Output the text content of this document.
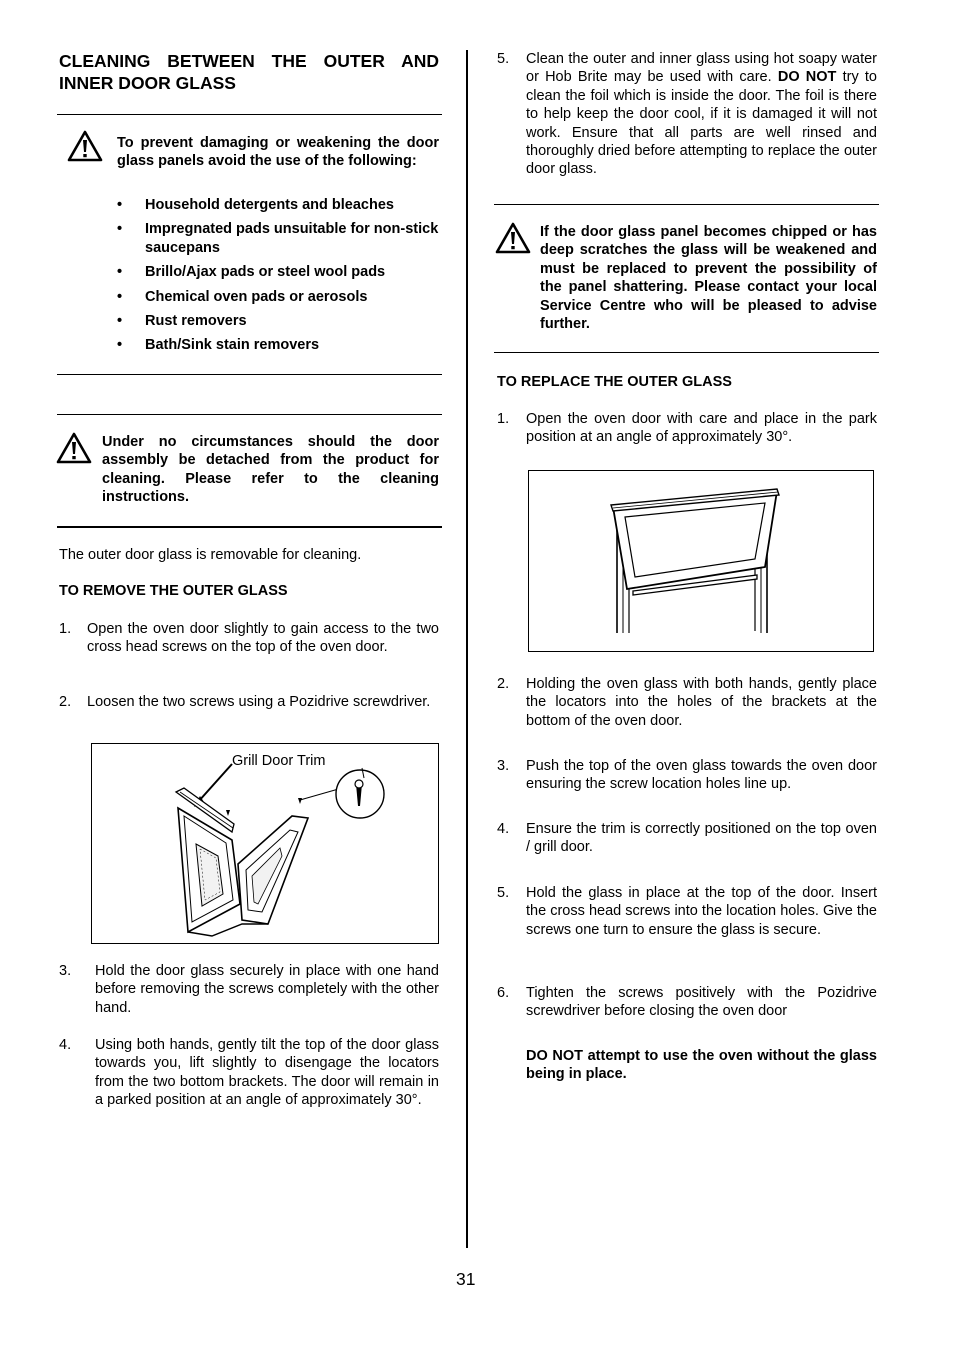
CLEANING BETWEEN THE OUTER AND INNER DOOR GLASS
To prevent damaging or weakening the door glass panels avoid the use of the following:
• Household detergents and bleaches
• Impregnated pads unsuitable for non-stick saucepans
• Brillo/Ajax pads or steel wool pads
• Chemical oven pads or aerosols
• Rust removers
• Bath/Sink stain removers
Under no circumstances should the door assembly be detached from the product for cleaning. Please refer to the cleaning instructions.
The outer door glass is removable for cleaning.
TO REMOVE THE OUTER GLASS
1. Open the oven door slightly to gain access to the two cross head screws on the top of the oven door.
2. Loosen the two screws using a Pozidrive screwdriver.
Grill Door Trim
3. Hold the door glass securely in place with one hand before removing the screws completely with the other hand.
4. Using both hands, gently tilt the top of the door glass towards you, lift slightly to disengage the locators from the two bottom brackets. The door will remain in a parked position at an angle of approximately 30°.
5. Clean the outer and inner glass using hot soapy water or Hob Brite may be used with care. DO NOT try to clean the foil which is inside the door. The foil is there to help keep the door cool, if it is damaged it will not work. Ensure that all parts are well rinsed and thoroughly dried before attempting to replace the outer door glass.
If the door glass panel becomes chipped or has deep scratches the glass will be weakened and must be replaced to prevent the possibility of the panel shattering. Please contact your local Service Centre who will be pleased to advise further.
TO REPLACE THE OUTER GLASS
1. Open the oven door with care and place in the park position at an angle of approximately 30°.
2. Holding the oven glass with both hands, gently place the locators into the holes of the brackets at the bottom of the oven door.
3. Push the top of the oven glass towards the oven door ensuring the screw location holes line up.
4. Ensure the trim is correctly positioned on the top oven / grill door.
5. Hold the glass in place at the top of the door. Insert the cross head screws into the location holes. Give the screws one turn to ensure the glass is secure.
6. Tighten the screws positively with the Pozidrive screwdriver before closing the oven door
DO NOT attempt to use the oven without the glass being in place.
31
